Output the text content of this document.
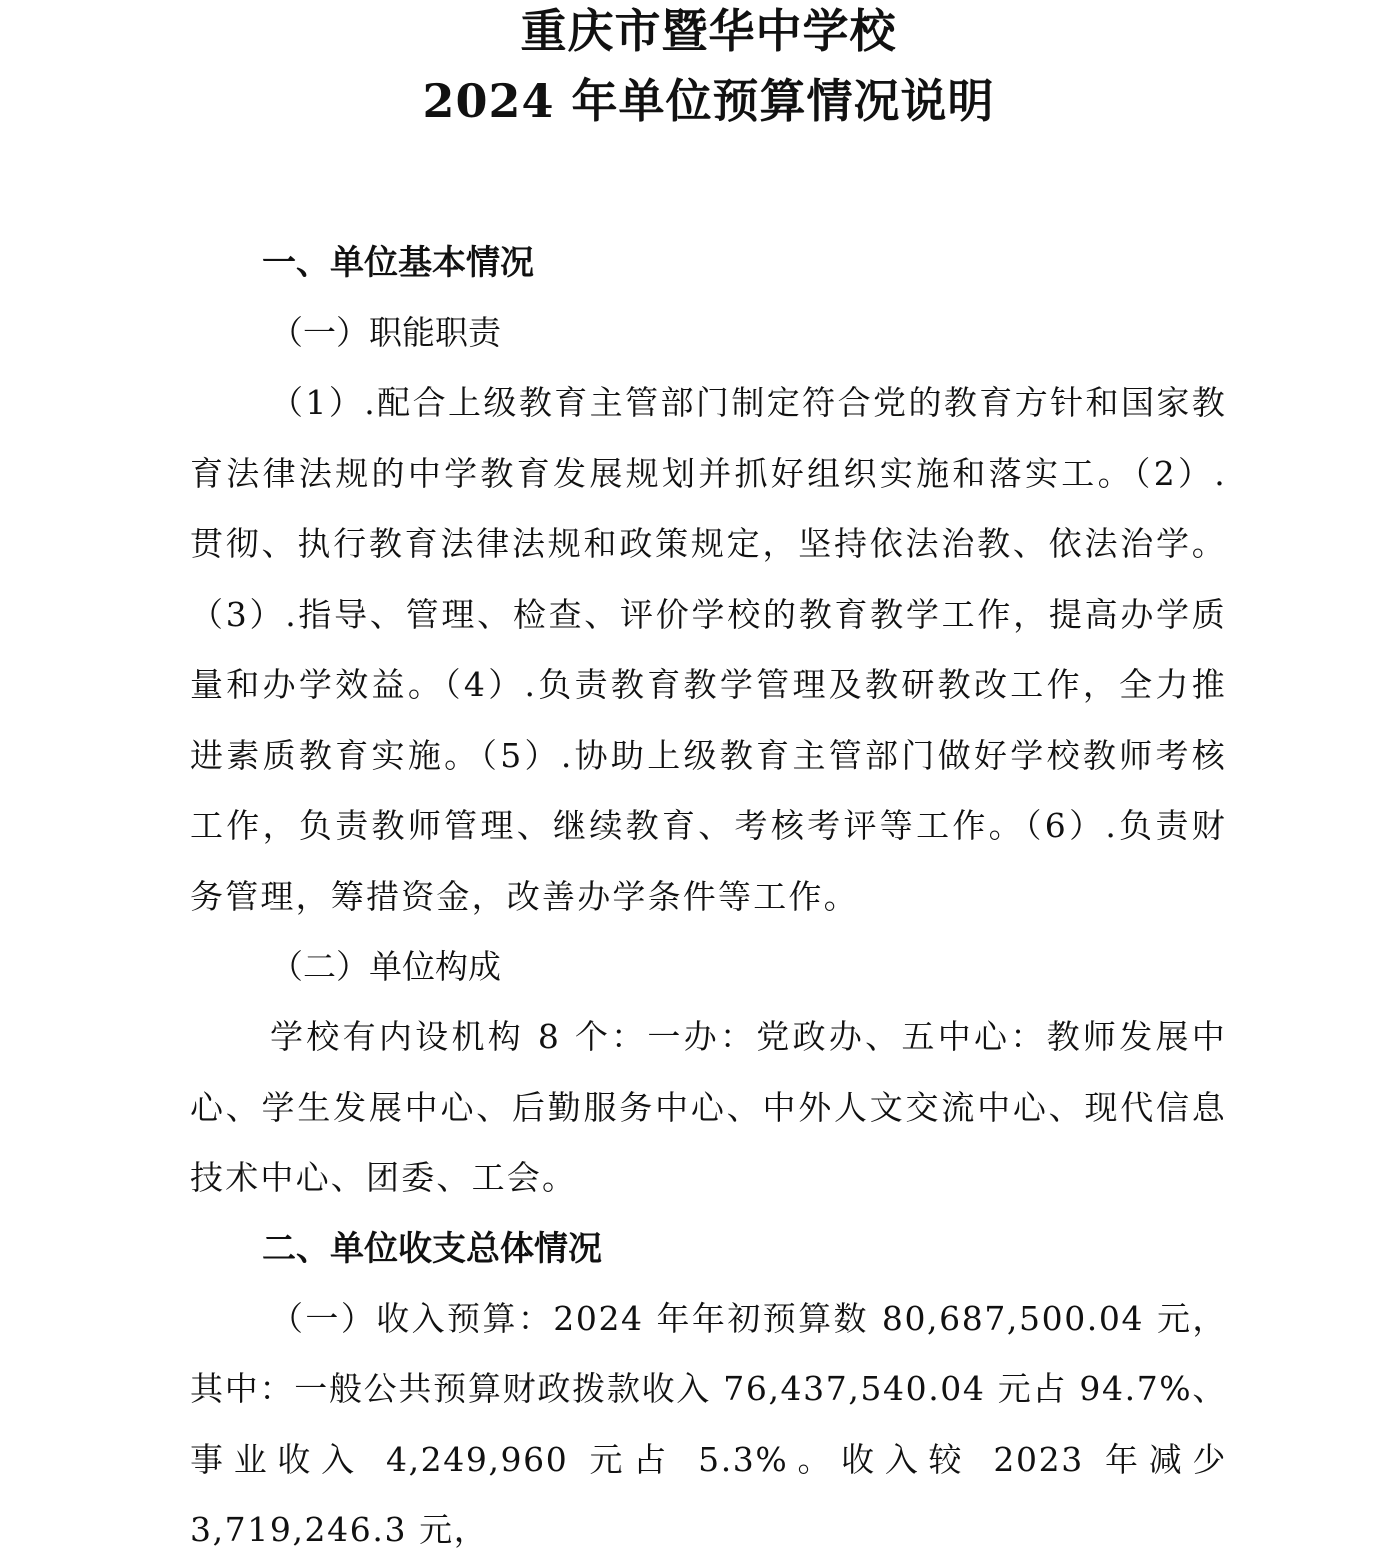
重庆市暨华中学校
2024 年单位预算情况说明

一、单位基本情况

（一）职能职责

（1）.配合上级教育主管部门制定符合党的教育方针和国家教育法律法规的中学教育发展规划并抓好组织实施和落实工。（2）.贯彻、执行教育法律法规和政策规定，坚持依法治教、依法治学。（3）.指导、管理、检查、评价学校的教育教学工作，提高办学质量和办学效益。（4）.负责教育教学管理及教研教改工作，全力推进素质教育实施。（5）.协助上级教育主管部门做好学校教师考核工作，负责教师管理、继续教育、考核考评等工作。（6）.负责财务管理，筹措资金，改善办学条件等工作。

（二）单位构成

学校有内设机构 8 个：一办：党政办、五中心：教师发展中心、学生发展中心、后勤服务中心、中外人文交流中心、现代信息技术中心、团委、工会。

二、单位收支总体情况

（一）收入预算：2024 年年初预算数 80,687,500.04 元，其中：一般公共预算财政拨款收入 76,437,540.04 元占 94.7%、事业收入 4,249,960 元占 5.3%。收入较 2023 年减少 3,719,246.3 元，
